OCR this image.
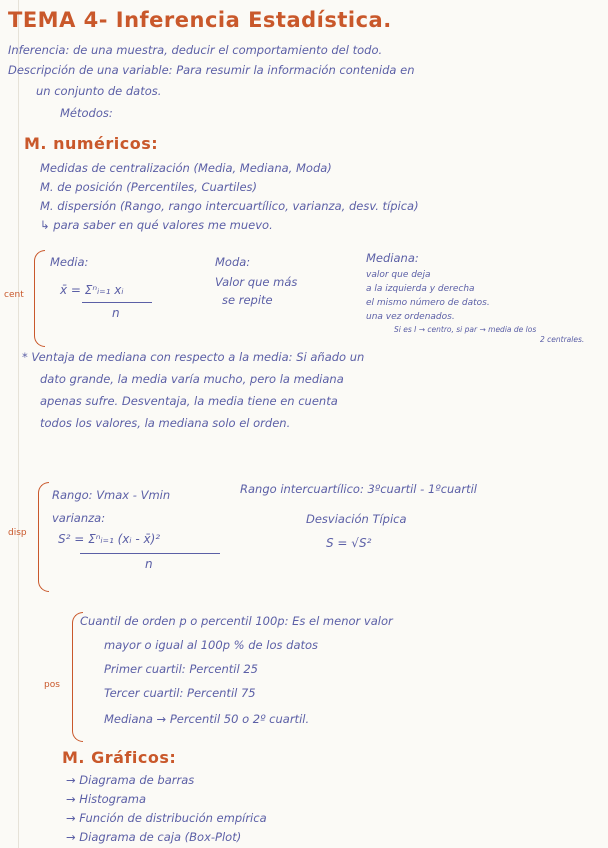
TEMA 4- Inferencia Estadística.
Inferencia: de una muestra, deducir el comportamiento del todo.
Descripción de una variable: Para resumir la información contenida en
un conjunto de datos.
Métodos:
M. numéricos:
Medidas de centralización (Media, Mediana, Moda)
M. de posición (Percentiles, Cuartiles)
M. dispersión (Rango, rango intercuartílico, varianza, desv. típica)
↳ para saber en qué valores me muevo.
cent
Media:
x̄ = Σⁿᵢ₌₁ xᵢ
n
Moda:
Valor que más
se repite
Mediana:
valor que deja
a la izquierda y derecha
el mismo número de datos.
una vez ordenados.
Si es I → centro, si par → media de los
2 centrales.
* Ventaja de mediana con respecto a la media: Si añado un
dato grande, la media varía mucho, pero la mediana
apenas sufre. Desventaja, la media tiene en cuenta
todos los valores, la mediana solo el orden.
disp
Rango: Vmax - Vmin	Rango intercuartílico: 3ºcuartil - 1ºcuartil
varianza:
S² = Σⁿᵢ₌₁ (xᵢ - x̄)²
n
Desviación Típica
S = √S²
pos
Cuantil de orden p o percentil 100p: Es el menor valor
mayor o igual al 100p % de los datos
Primer cuartil: Percentil 25
Tercer cuartil: Percentil 75
Mediana → Percentil 50 o 2º cuartil.
M. Gráficos:
→ Diagrama de barras
→ Histograma
→ Función de distribución empírica
→ Diagrama de caja (Box-Plot)
